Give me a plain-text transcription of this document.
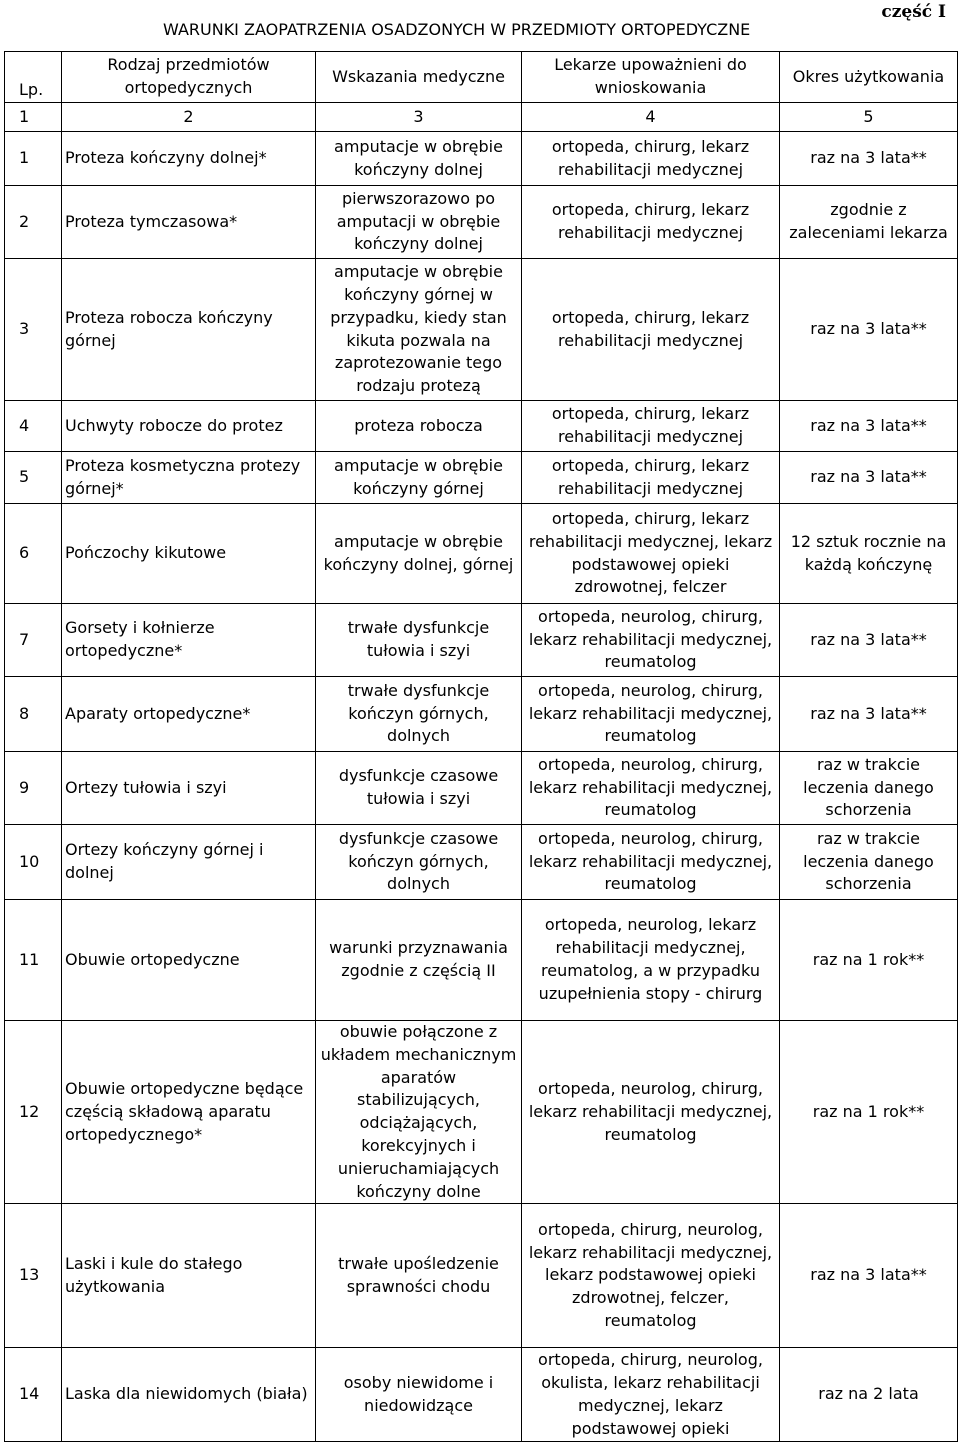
WARUNKI ZAOPATRZENIA OSADZONYCH W PRZEDMIOTY ORTOPEDYCZNE
część I
Lp.	Rodzaj przedmiotów ortopedycznych	Wskazania medyczne	Lekarze upoważnieni do wnioskowania	Okres użytkowania
1	2	3	4	5
1	Proteza kończyny dolnej*	amputacje w obrębie kończyny dolnej	ortopeda, chirurg, lekarz rehabilitacji medycznej	raz na 3 lata**
2	Proteza tymczasowa*	pierwszorazowo po amputacji w obrębie kończyny dolnej	ortopeda, chirurg, lekarz rehabilitacji medycznej	zgodnie z zaleceniami lekarza
3	Proteza robocza kończyny górnej	amputacje w obrębie kończyny górnej w przypadku, kiedy stan kikuta pozwala na zaprotezowanie tego rodzaju protezą	ortopeda, chirurg, lekarz rehabilitacji medycznej	raz na 3 lata**
4	Uchwyty robocze do protez	proteza robocza	ortopeda, chirurg, lekarz rehabilitacji medycznej	raz na 3 lata**
5	Proteza kosmetyczna protezy górnej*	amputacje w obrębie kończyny górnej	ortopeda, chirurg, lekarz rehabilitacji medycznej	raz na 3 lata**
6	Pończochy kikutowe	amputacje w obrębie kończyny dolnej, górnej	ortopeda, chirurg, lekarz rehabilitacji medycznej, lekarz podstawowej opieki zdrowotnej, felczer	12 sztuk rocznie na każdą kończynę
7	Gorsety i kołnierze ortopedyczne*	trwałe dysfunkcje tułowia i szyi	ortopeda, neurolog, chirurg, lekarz rehabilitacji medycznej, reumatolog	raz na 3 lata**
8	Aparaty ortopedyczne*	trwałe dysfunkcje kończyn górnych, dolnych	ortopeda, neurolog, chirurg, lekarz rehabilitacji medycznej, reumatolog	raz na 3 lata**
9	Ortezy tułowia i szyi	dysfunkcje czasowe tułowia i szyi	ortopeda, neurolog, chirurg, lekarz rehabilitacji medycznej, reumatolog	raz w trakcie leczenia danego schorzenia
10	Ortezy kończyny górnej i dolnej	dysfunkcje czasowe kończyn górnych, dolnych	ortopeda, neurolog, chirurg, lekarz rehabilitacji medycznej, reumatolog	raz w trakcie leczenia danego schorzenia
11	Obuwie ortopedyczne	warunki przyznawania zgodnie z częścią II	ortopeda, neurolog, lekarz rehabilitacji medycznej, reumatolog, a w przypadku uzupełnienia stopy - chirurg	raz na 1 rok**
12	Obuwie ortopedyczne będące częścią składową aparatu ortopedycznego*	obuwie połączone z układem mechanicznym aparatów stabilizujących, odciążających, korekcyjnych i unieruchamiających kończyny dolne	ortopeda, neurolog, chirurg, lekarz rehabilitacji medycznej, reumatolog	raz na 1 rok**
13	Laski i kule do stałego użytkowania	trwałe upośledzenie sprawności chodu	ortopeda, chirurg, neurolog, lekarz rehabilitacji medycznej, lekarz podstawowej opieki zdrowotnej, felczer, reumatolog	raz na 3 lata**
14	Laska dla niewidomych (biała)	osoby niewidome i niedowidzące	ortopeda, chirurg, neurolog, okulista, lekarz rehabilitacji medycznej, lekarz podstawowej opieki	raz na 2 lata
